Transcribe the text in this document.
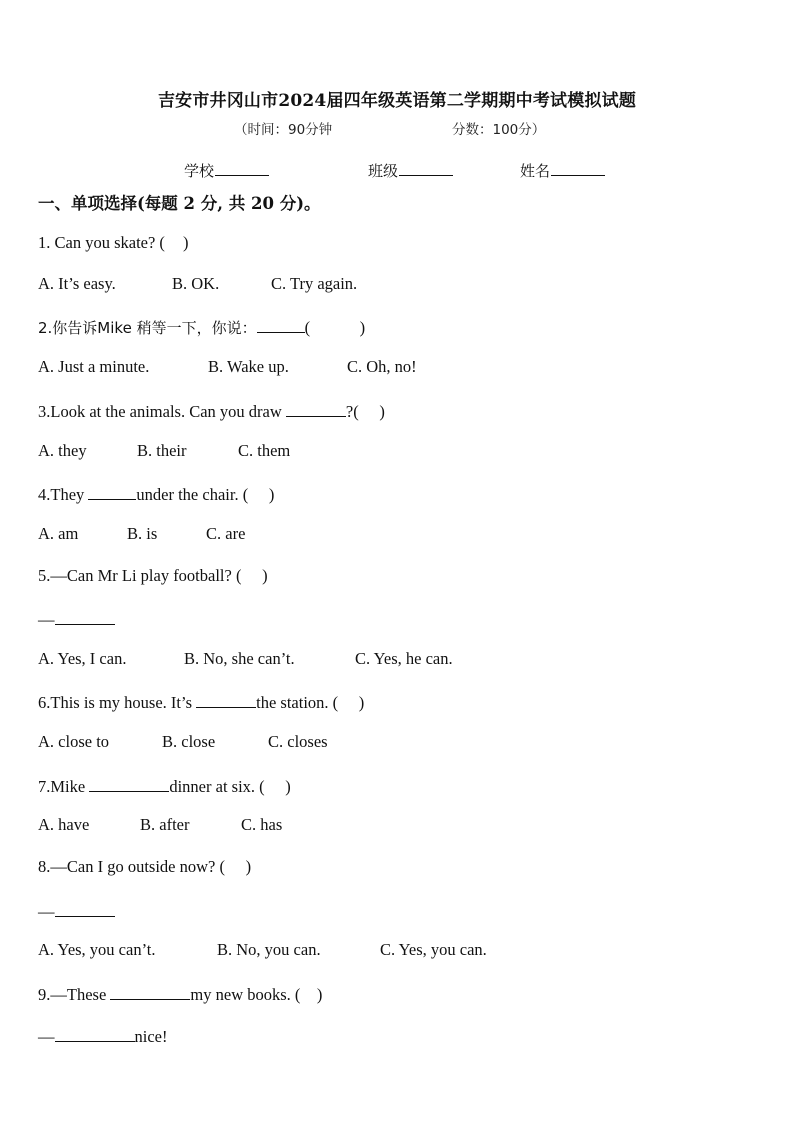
吉安市井冈山市2024届四年级英语第二学期期中考试模拟试题
（时间：90分钟	分数：100分）
学校	班级	姓名
一、单项选择(每题 2 分, 共 20 分)。
1. Can you skate? ( )
A. It’s easy.	B. OK.	C. Try again.
2.你告诉Mike 稍等一下，你说：	(　　　)
A. Just a minute.	B. Wake up.	C. Oh, no!
3.Look at the animals. Can you draw	?(　 )
A. they	B. their	C. them
4.They	under the chair. (　 )
A. am	B. is	C. are
5.—Can Mr Li play football? (　 )
—
A. Yes, I can.	B. No, she can’t.	C. Yes, he can.
6.This is my house. It’s	the station. (　 )
A. close to	B. close	C. closes
7.Mike	dinner at six. (　 )
A. have	B. after	C. has
8.—Can I go outside now? (　 )
—
A. Yes, you can’t.	B. No, you can.	C. Yes, you can.
9.—These	my new books. (　)
—	nice!
